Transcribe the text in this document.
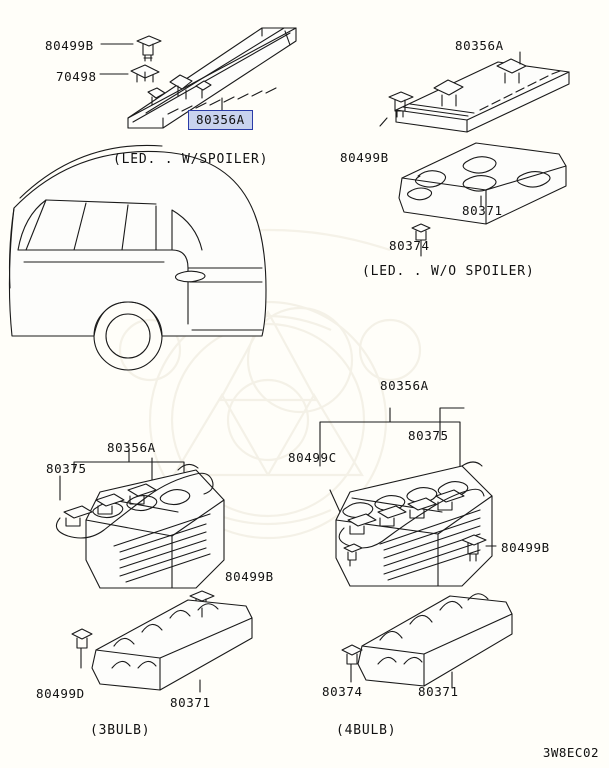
80499B
70498
80356A
(LED. . W/SPOILER)
80356A
80499B
80371
80374
(LED. . W/O SPOILER)
80356A
80375
80499B
80499D
80371
(3BULB)
80356A
80375
80499C
80499B
80374	80371
(4BULB)
3W8EC02
